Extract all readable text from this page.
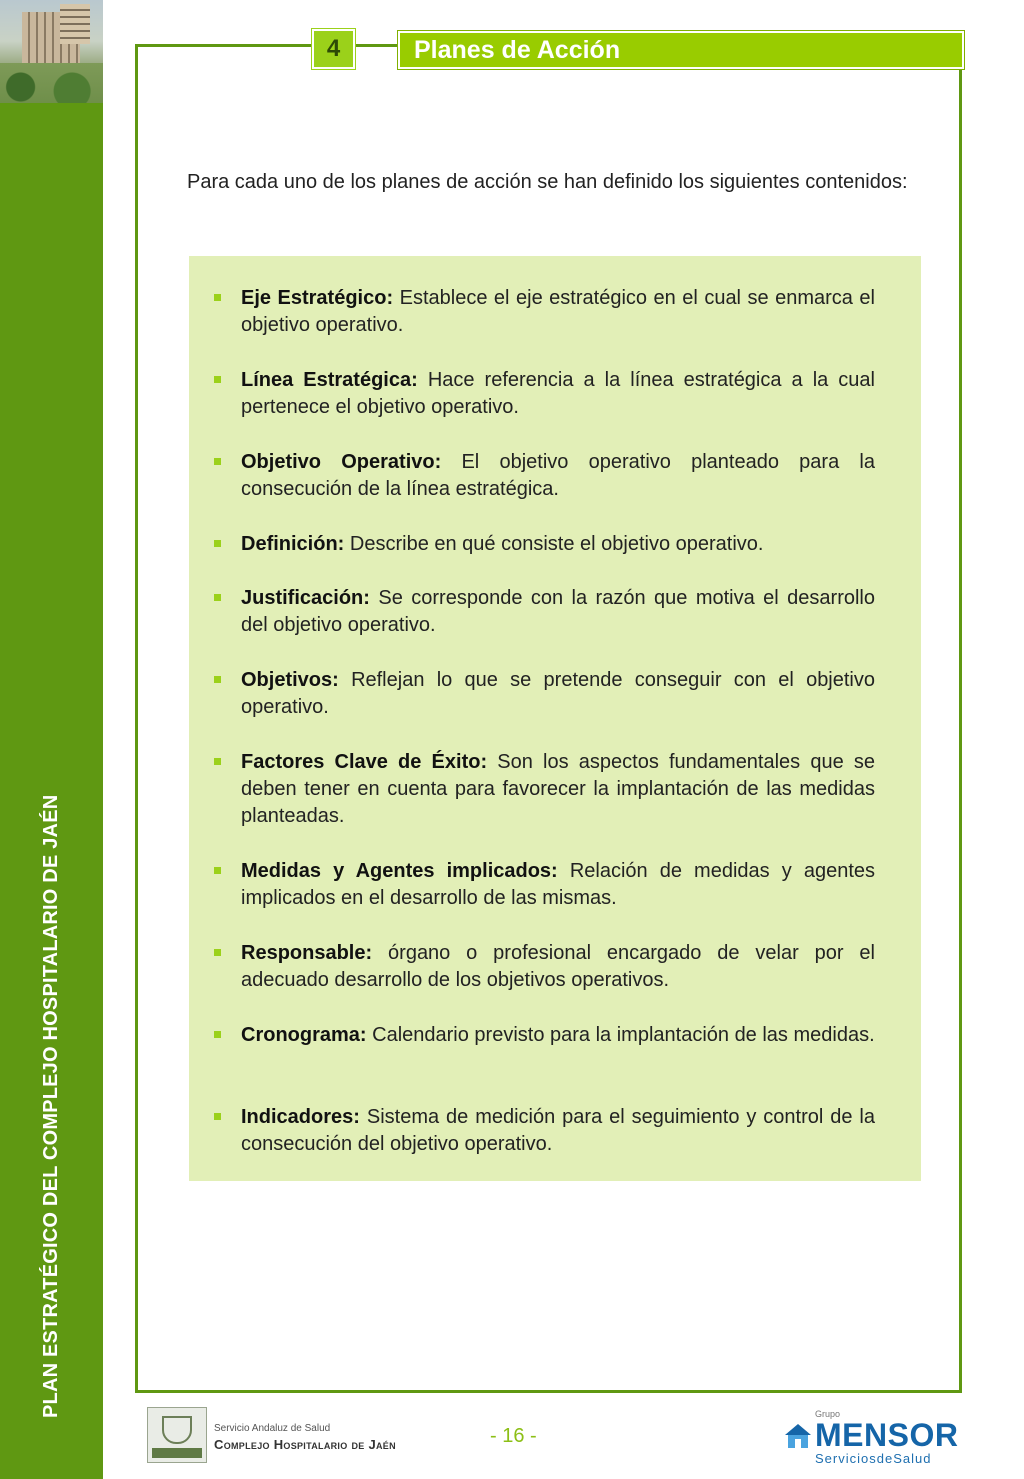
PLAN ESTRATÉGICO DEL COMPLEJO HOSPITALARIO DE JAÉN
4	Planes de Acción
Para cada uno de los planes de acción se han definido los siguientes contenidos:
Eje Estratégico: Establece el eje estratégico en el cual se enmarca el objetivo operativo.
Línea Estratégica: Hace referencia a la línea estratégica a la cual pertenece el objetivo operativo.
Objetivo Operativo: El objetivo operativo planteado para la consecución de la línea estratégica.
Definición: Describe en qué consiste el objetivo operativo.
Justificación: Se corresponde con la razón que motiva el desarrollo del objetivo operativo.
Objetivos: Reflejan lo que se pretende conseguir con el objetivo operativo.
Factores Clave de Éxito: Son los aspectos fundamentales que se deben tener en cuenta para favorecer la implantación de las medidas planteadas.
Medidas y Agentes implicados: Relación de medidas y agentes implicados en el desarrollo de las mismas.
Responsable: órgano o profesional encargado de velar por el adecuado desarrollo de los objetivos operativos.
Cronograma: Calendario previsto para la implantación de las medidas.
Indicadores: Sistema de medición para el seguimiento y control de la consecución del objetivo operativo.
Servicio Andaluz de Salud
Complejo Hospitalario de Jaén	- 16 -
Grupo
MENSOR
ServiciosdeSalud
